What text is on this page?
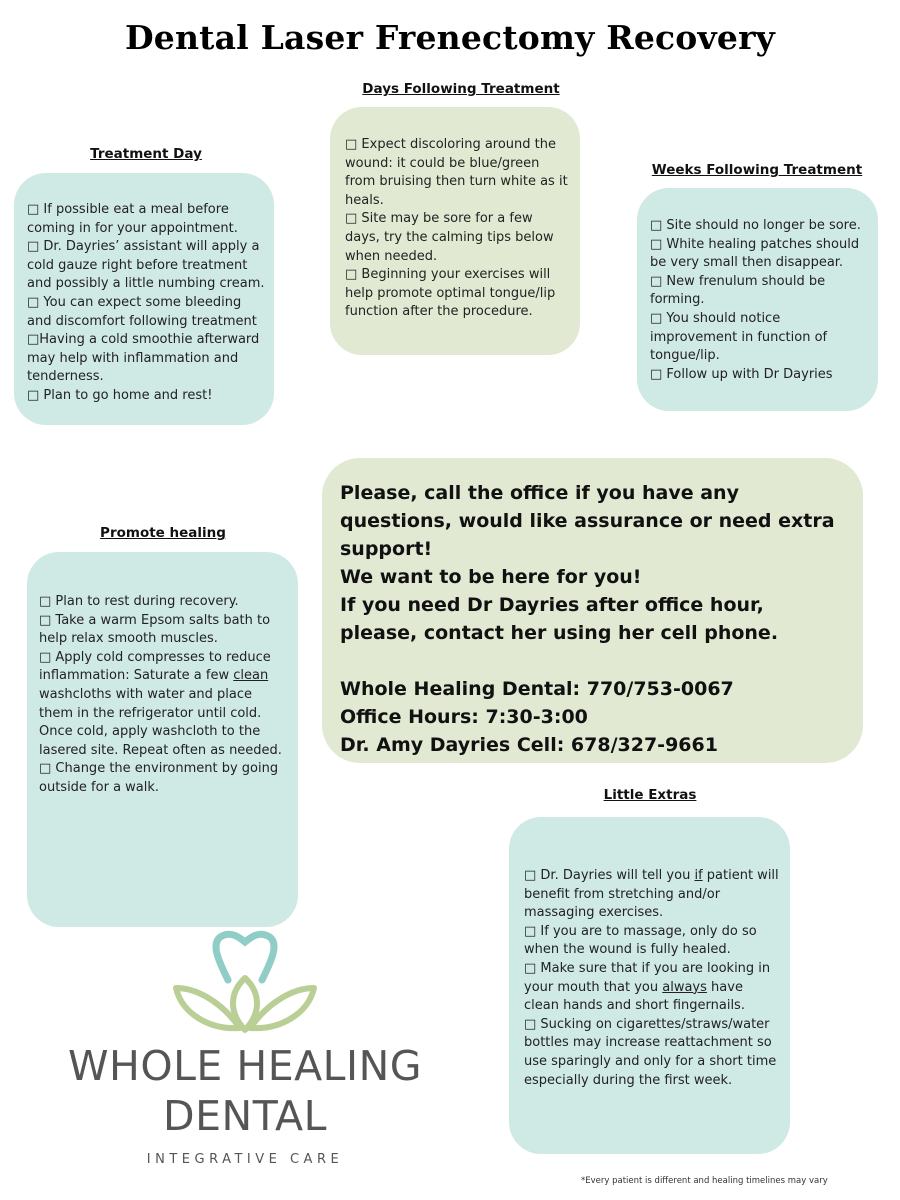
Dental Laser Frenectomy Recovery
Days Following Treatment

□ Expect discoloring around the wound: it could be blue/green from bruising then turn white as it heals.

□ Site may be sore for a few days, try the calming tips below when needed.

□ Beginning your exercises will help promote optimal tongue/lip function after the procedure.

Treatment Day

□ If possible eat a meal before coming in for your appointment.

□ Dr. Dayries’ assistant will apply a cold gauze right before treatment and possibly a little numbing cream.

□ You can expect some bleeding and discomfort following treatment

□Having a cold smoothie afterward may help with inflammation and tenderness.

□ Plan to go home and rest!

Weeks Following Treatment

□ Site should no longer be sore.

□ White healing patches should be very small then disappear.

□ New frenulum should be forming.

□ You should notice improvement in function of tongue/lip.

□ Follow up with Dr Dayries

Please, call the office if you have any questions, would like assurance or need extra support!

We want to be here for you!

If you need Dr Dayries after office hour, please, contact her using her cell phone.

Whole Healing Dental: 770/753-0067

Office Hours: 7:30-3:00

Dr. Amy Dayries Cell: 678/327-9661

Promote healing

□ Plan to rest during recovery.

□ Take a warm Epsom salts bath to help relax smooth muscles.

□ Apply cold compresses to reduce inflammation: Saturate a few clean washcloths with water and place them in the refrigerator until cold. Once cold, apply washcloth to the lasered site. Repeat often as needed.

□ Change the environment by going outside for a walk.	Little Extras

□ Dr. Dayries will tell you if patient will benefit from stretching and/or massaging exercises.

□ If you are to massage, only do so when the wound is fully healed.

□ Make sure that if you are looking in your mouth that you always have clean hands and short fingernails.

□ Sucking on cigarettes/straws/water bottles may increase reattachment so use sparingly and only for a short time especially during the first week.

WHOLE HEALING
DENTAL
INTEGRATIVE CARE
*Every patient is different and healing timelines may vary
